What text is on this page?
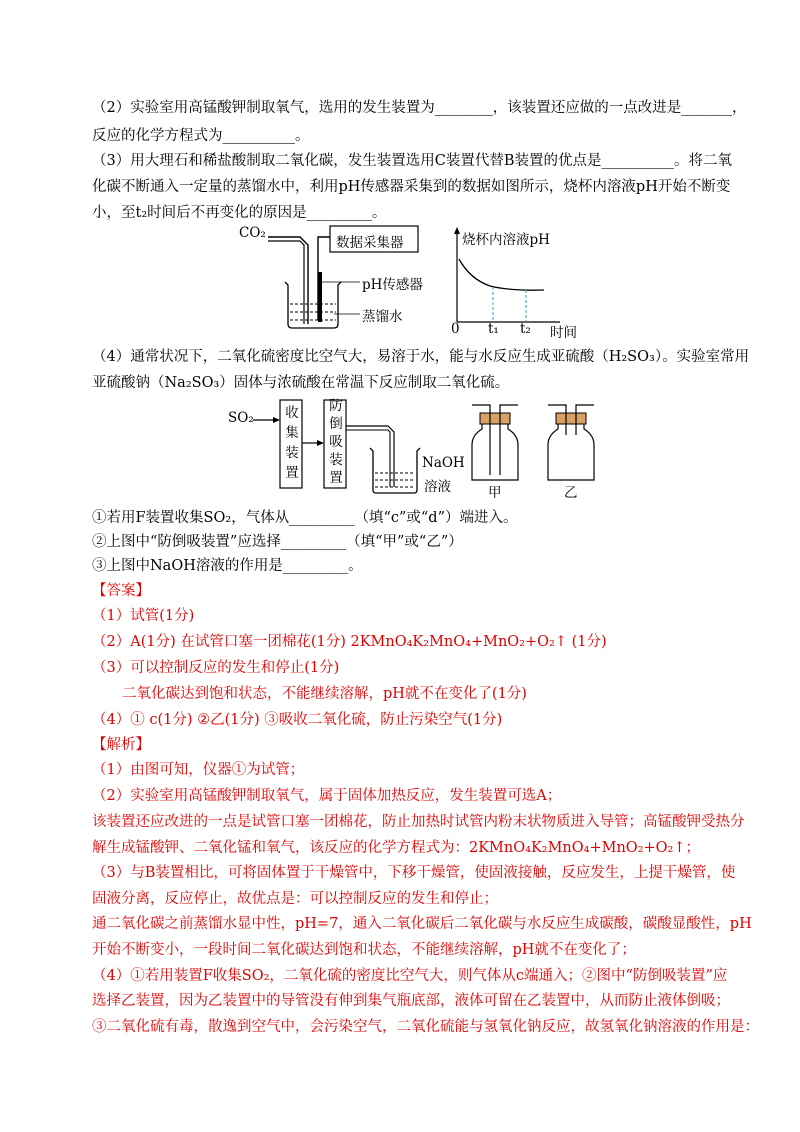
（2）实验室用高锰酸钾制取氧气，选用的发生装置为________，该装置还应做的一点改进是_______，
反应的化学方程式为__________。
（3）用大理石和稀盐酸制取二氧化碳，发生装置选用C装置代替B装置的优点是__________。将二氧
化碳不断通入一定量的蒸馏水中，利用pH传感器采集到的数据如图所示，烧杯内溶液pH开始不断变
小，至t₂时间后不再变化的原因是_________。
CO₂
数据采集器
pH传感器
蒸馏水
烧杯内溶液pH
0 t₁ t₂ 时间
（4）通常状况下，二氧化硫密度比空气大，易溶于水，能与水反应生成亚硫酸（H₂SO₃）。实验室常用
亚硫酸钠（Na₂SO₃）固体与浓硫酸在常温下反应制取二氧化硫。
SO₂ 收集装置
防倒吸装置
NaOH
溶液	甲	乙
①若用F装置收集SO₂，气体从_________（填“c”或“d”）端进入。
②上图中“防倒吸装置”应选择_________（填“甲”或“乙”）
③上图中NaOH溶液的作用是_________。
【答案】
（1）试管(1分)
（2）A(1分) 在试管口塞一团棉花(1分) 2KMnO₄K₂MnO₄+MnO₂+O₂↑ (1分)
（3）可以控制反应的发生和停止(1分)
二氧化碳达到饱和状态，不能继续溶解，pH就不在变化了(1分)
（4）① c(1分) ②乙(1分) ③吸收二氧化硫，防止污染空气(1分)
【解析】
（1）由图可知，仪器①为试管；
（2）实验室用高锰酸钾制取氧气，属于固体加热反应，发生装置可选A；
该装置还应改进的一点是试管口塞一团棉花，防止加热时试管内粉末状物质进入导管；高锰酸钾受热分
解生成锰酸钾、二氧化锰和氧气，该反应的化学方程式为：2KMnO₄K₂MnO₄+MnO₂+O₂↑；
（3）与B装置相比，可将固体置于干燥管中，下移干燥管，使固液接触，反应发生，上提干燥管，使
固液分离，反应停止，故优点是：可以控制反应的发生和停止；
通二氧化碳之前蒸馏水显中性，pH=7，通入二氧化碳后二氧化碳与水反应生成碳酸，碳酸显酸性，pH
开始不断变小，一段时间二氧化碳达到饱和状态，不能继续溶解，pH就不在变化了；
（4）①若用装置F收集SO₂，二氧化硫的密度比空气大，则气体从c端通入；②图中“防倒吸装置”应
选择乙装置，因为乙装置中的导管没有伸到集气瓶底部，液体可留在乙装置中，从而防止液体倒吸；
③二氧化硫有毒，散逸到空气中，会污染空气，二氧化硫能与氢氧化钠反应，故氢氧化钠溶液的作用是：
